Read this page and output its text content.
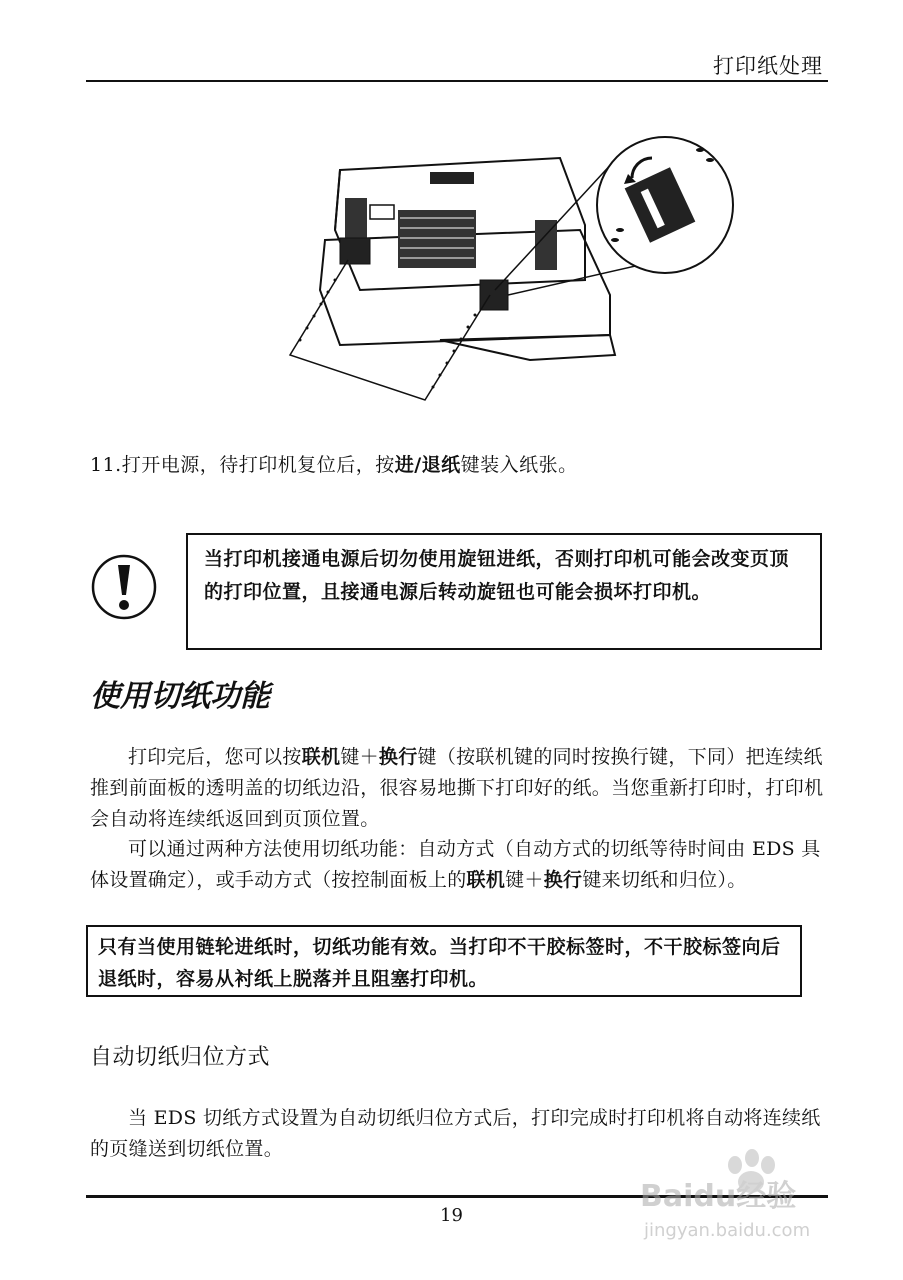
打印纸处理
11.打开电源，待打印机复位后，按进/退纸键装入纸张。
当打印机接通电源后切勿使用旋钮进纸，否则打印机可能会改变页顶的打印位置，且接通电源后转动旋钮也可能会损坏打印机。
使用切纸功能
打印完后，您可以按联机键＋换行键（按联机键的同时按换行键，下同）把连续纸推到前面板的透明盖的切纸边沿，很容易地撕下打印好的纸。当您重新打印时，打印机会自动将连续纸返回到页顶位置。
可以通过两种方法使用切纸功能：自动方式（自动方式的切纸等待时间由 EDS 具体设置确定），或手动方式（按控制面板上的联机键＋换行键来切纸和归位）。
只有当使用链轮进纸时，切纸功能有效。当打印不干胶标签时，不干胶标签向后退纸时，容易从衬纸上脱落并且阻塞打印机。
自动切纸归位方式
当 EDS 切纸方式设置为自动切纸归位方式后，打印完成时打印机将自动将连续纸的页缝送到切纸位置。
19
Baidu经验
jingyan.baidu.com
